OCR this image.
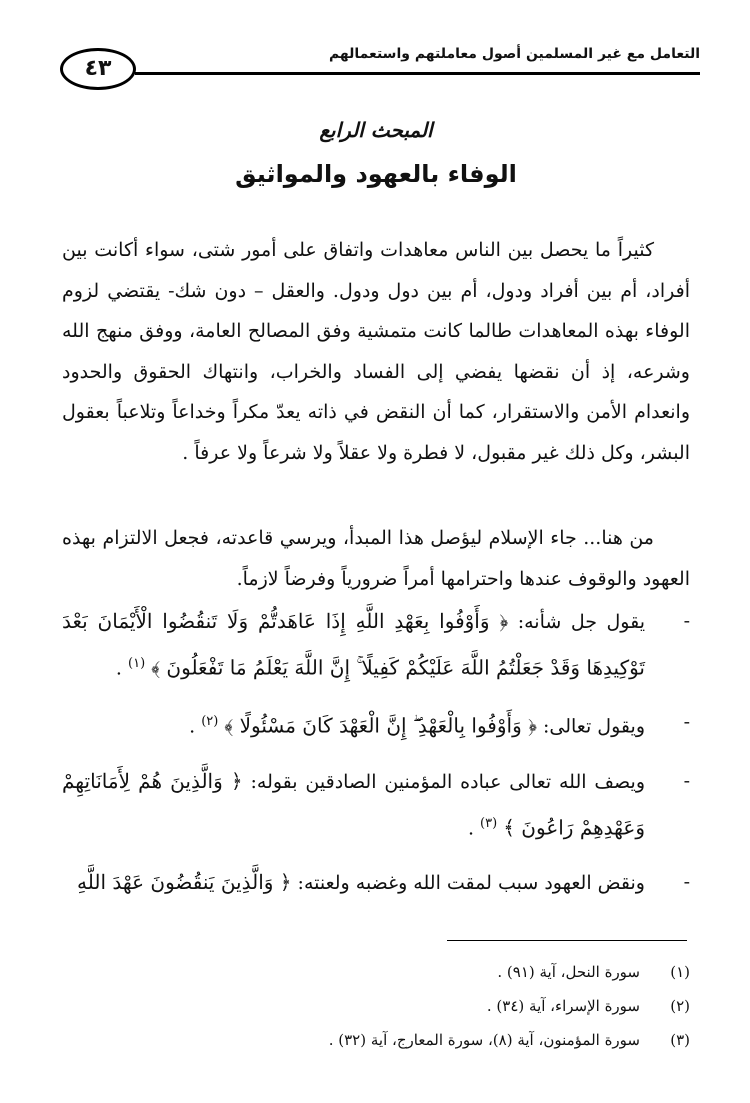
٤٣
التعامل مع غير المسلمين أصول معاملتهم واستعمالهم
المبحث الرابع
الوفاء بالعهود والمواثيق

كثيراً ما يحصل بين الناس معاهدات واتفاق على أمور شتى، سواء أكانت بين أفراد، أم بين أفراد ودول، أم بين دول ودول. والعقل – دون شك- يقتضي لزوم الوفاء بهذه المعاهدات طالما كانت متمشية وفق المصالح العامة، ووفق منهج الله وشرعه، إذ أن نقضها يفضي إلى الفساد والخراب، وانتهاك الحقوق والحدود وانعدام الأمن والاستقرار، كما أن النقض في ذاته يعدّ مكراً وخداعاً وتلاعباً بعقول البشر، وكل ذلك غير مقبول، لا فطرة ولا عقلاً ولا شرعاً ولا عرفاً .

من هنا... جاء الإسلام ليؤصل هذا المبدأ، ويرسي قاعدته، فجعل الالتزام بهذه العهود والوقوف عندها واحترامها أمراً ضرورياً وفرضاً لازماً.

-
يقول جل شأنه: ﴿ وَأَوْفُوا بِعَهْدِ اللَّهِ إِذَا عَاهَدتُّمْ وَلَا تَنقُضُوا الْأَيْمَانَ بَعْدَ تَوْكِيدِهَا وَقَدْ جَعَلْتُمُ اللَّهَ عَلَيْكُمْ كَفِيلًا ۚ إِنَّ اللَّهَ يَعْلَمُ مَا تَفْعَلُونَ ﴾ $^{(١)}$ .
-
ويقول تعالى: ﴿ وَأَوْفُوا بِالْعَهْدِ ۖ إِنَّ الْعَهْدَ كَانَ مَسْئُولًا ﴾ $^{(٢)}$ .
-
ويصف الله تعالى عباده المؤمنين الصادقين بقوله: ﴿ وَالَّذِينَ هُمْ لِأَمَانَاتِهِمْ وَعَهْدِهِمْ رَاعُونَ ﴾ $^{(٣)}$ .
-
ونقض العهود سبب لمقت الله وغضبه ولعنته: ﴿ وَالَّذِينَ يَنقُضُونَ عَهْدَ اللَّهِ
(١)سورة النحل، آية (٩١) .
(٢)سورة الإسراء، آية (٣٤) .
(٣)سورة المؤمنون، آية (٨)، سورة المعارج، آية (٣٢) .
